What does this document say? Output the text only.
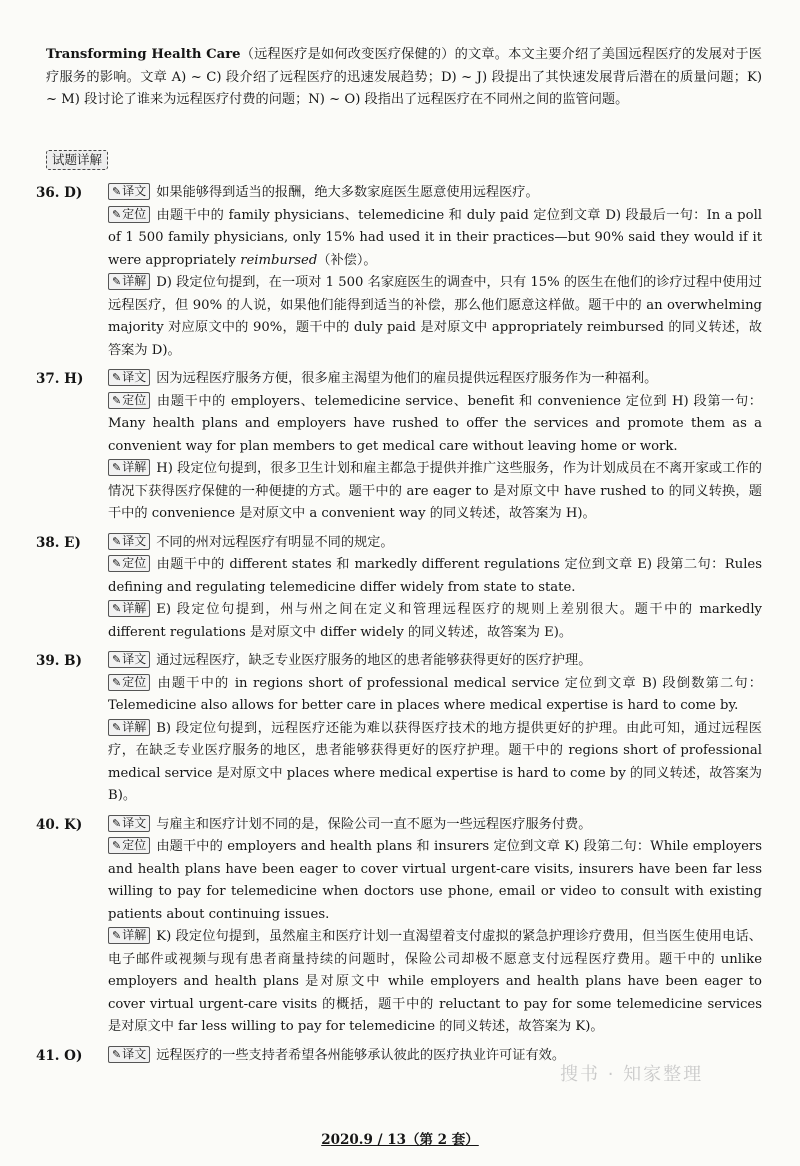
Transforming Health Care（远程医疗是如何改变医疗保健的）的文章。本文主要介绍了美国远程医疗的发展对于医疗服务的影响。文章 A) ~ C) 段介绍了远程医疗的迅速发展趋势；D) ~ J) 段提出了其快速发展背后潜在的质量问题；K) ~ M) 段讨论了谁来为远程医疗付费的问题；N) ~ O) 段指出了远程医疗在不同州之间的监管问题。
试题详解
36. D)	✎译文 如果能够得到适当的报酬，绝大多数家庭医生愿意使用远程医疗。
✎定位 由题干中的 family physicians、telemedicine 和 duly paid 定位到文章 D) 段最后一句：In a poll of 1 500 family physicians, only 15% had used it in their practices—but 90% said they would if it were appropriately reimbursed（补偿）。
✎详解 D) 段定位句提到，在一项对 1 500 名家庭医生的调查中，只有 15% 的医生在他们的诊疗过程中使用过远程医疗，但 90% 的人说，如果他们能得到适当的补偿，那么他们愿意这样做。题干中的 an overwhelming majority 对应原文中的 90%，题干中的 duly paid 是对原文中 appropriately reimbursed 的同义转述，故答案为 D)。
37. H)	✎译文 因为远程医疗服务方便，很多雇主渴望为他们的雇员提供远程医疗服务作为一种福利。
✎定位 由题干中的 employers、telemedicine service、benefit 和 convenience 定位到 H) 段第一句：Many health plans and employers have rushed to offer the services and promote them as a convenient way for plan members to get medical care without leaving home or work.
✎详解 H) 段定位句提到，很多卫生计划和雇主都急于提供并推广这些服务，作为计划成员在不离开家或工作的情况下获得医疗保健的一种便捷的方式。题干中的 are eager to 是对原文中 have rushed to 的同义转换，题干中的 convenience 是对原文中 a convenient way 的同义转述，故答案为 H)。
38. E)	✎译文 不同的州对远程医疗有明显不同的规定。
✎定位 由题干中的 different states 和 markedly different regulations 定位到文章 E) 段第二句：Rules defining and regulating telemedicine differ widely from state to state.
✎详解 E) 段定位句提到，州与州之间在定义和管理远程医疗的规则上差别很大。题干中的 markedly different regulations 是对原文中 differ widely 的同义转述，故答案为 E)。
39. B)	✎译文 通过远程医疗，缺乏专业医疗服务的地区的患者能够获得更好的医疗护理。
✎定位 由题干中的 in regions short of professional medical service 定位到文章 B) 段倒数第二句：Telemedicine also allows for better care in places where medical expertise is hard to come by.
✎详解 B) 段定位句提到，远程医疗还能为难以获得医疗技术的地方提供更好的护理。由此可知，通过远程医疗，在缺乏专业医疗服务的地区，患者能够获得更好的医疗护理。题干中的 regions short of professional medical service 是对原文中 places where medical expertise is hard to come by 的同义转述，故答案为 B)。
40. K)	✎译文 与雇主和医疗计划不同的是，保险公司一直不愿为一些远程医疗服务付费。
✎定位 由题干中的 employers and health plans 和 insurers 定位到文章 K) 段第二句：While employers and health plans have been eager to cover virtual urgent-care visits, insurers have been far less willing to pay for telemedicine when doctors use phone, email or video to consult with existing patients about continuing issues.
✎详解 K) 段定位句提到，虽然雇主和医疗计划一直渴望着支付虚拟的紧急护理诊疗费用，但当医生使用电话、电子邮件或视频与现有患者商量持续的问题时，保险公司却极不愿意支付远程医疗费用。题干中的 unlike employers and health plans 是对原文中 while employers and health plans have been eager to cover virtual urgent-care visits 的概括，题干中的 reluctant to pay for some telemedicine services 是对原文中 far less willing to pay for telemedicine 的同义转述，故答案为 K)。
41. O)	✎译文 远程医疗的一些支持者希望各州能够承认彼此的医疗执业许可证有效。
搜书 · 知家整理
2020.9 / 13（第 2 套）
